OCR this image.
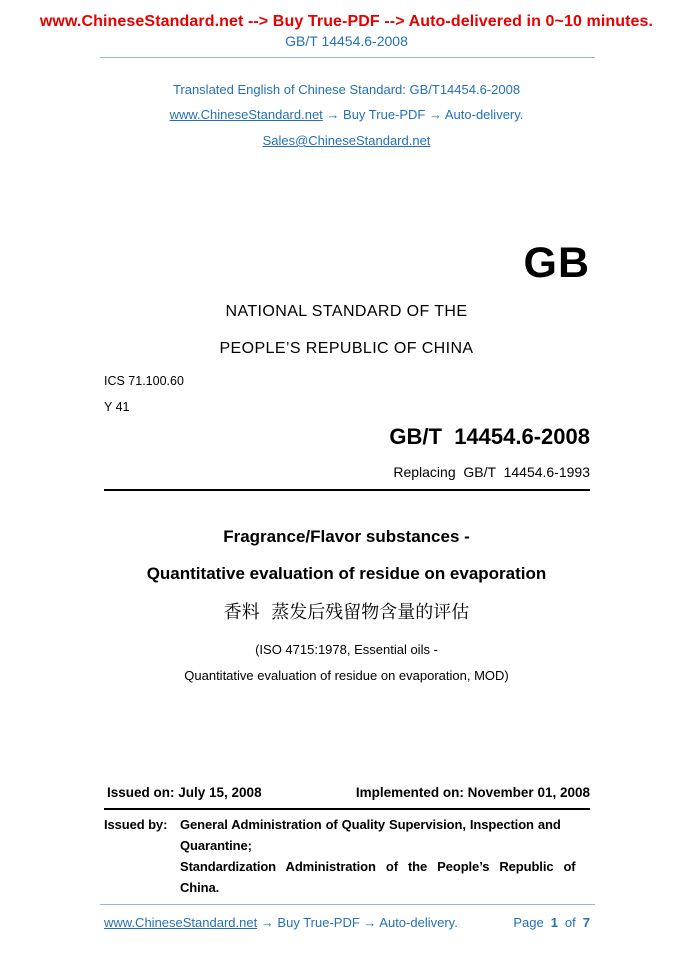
www.ChineseStandard.net --> Buy True-PDF --> Auto-delivered in 0~10 minutes.
GB/T 14454.6-2008
Translated English of Chinese Standard: GB/T14454.6-2008
www.ChineseStandard.net → Buy True-PDF → Auto-delivery.
Sales@ChineseStandard.net
GB
NATIONAL STANDARD OF THE
PEOPLE’S REPUBLIC OF CHINA
ICS 71.100.60
Y 41
GB/T  14454.6-2008
Replacing  GB/T  14454.6-1993
Fragrance/Flavor substances -
Quantitative evaluation of residue on evaporation
香料  蒸发后残留物含量的评估
(ISO 4715:1978, Essential oils -
Quantitative evaluation of residue on evaporation, MOD)
Issued on: July 15, 2008	Implemented on: November 01, 2008
Issued by: General Administration of Quality Supervision, Inspection and
Quarantine;
Standardization Administration of the People’s Republic of
China.
www.ChineseStandard.net → Buy True-PDF → Auto-delivery.	Page 1 of 7
